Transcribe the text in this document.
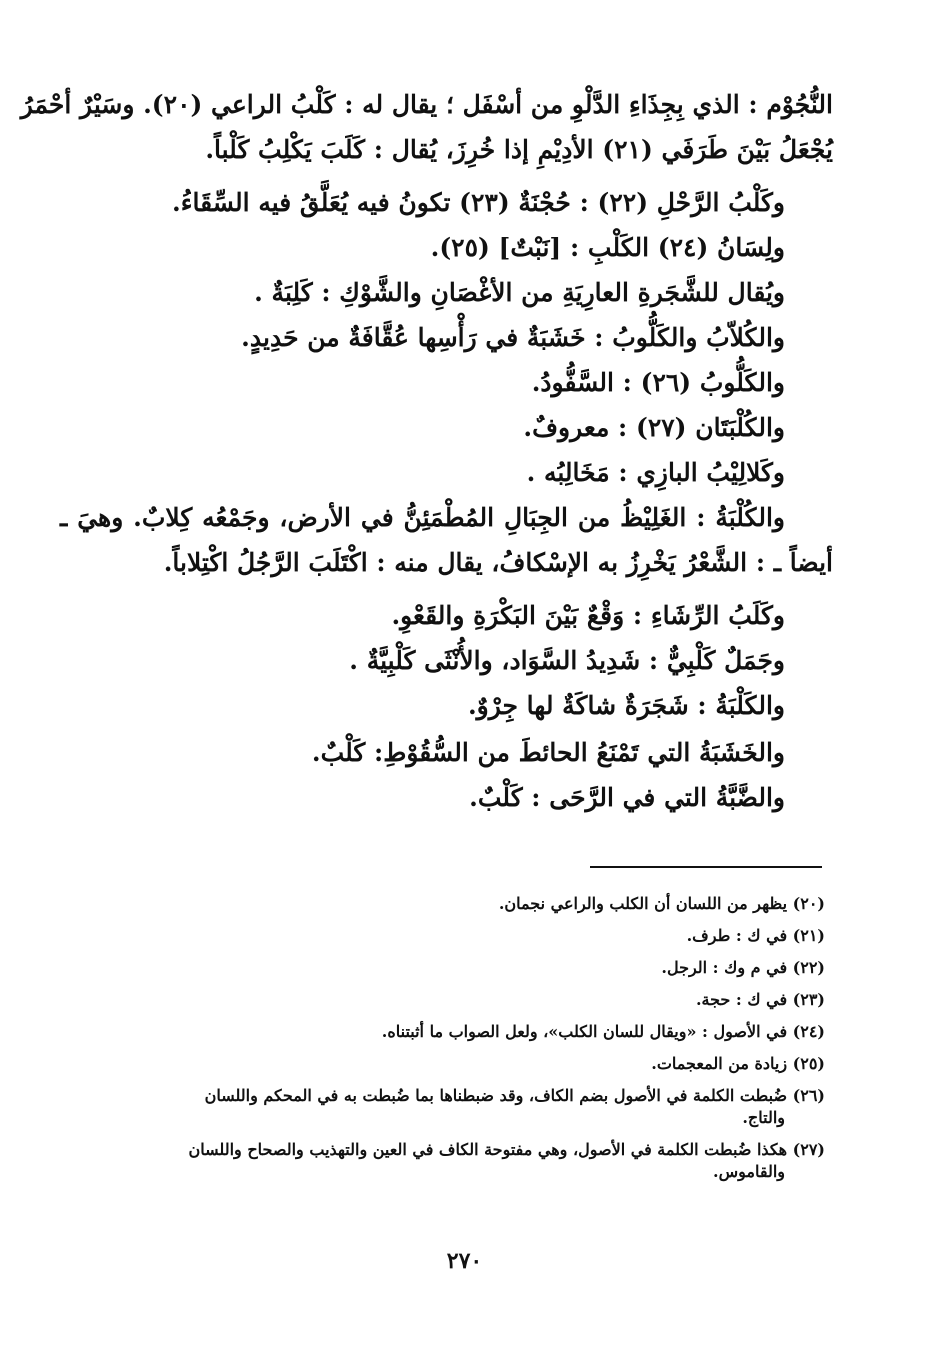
النُّجُوْم : الذي بِجِذَاءِ الدَّلْوِ من أسْفَل ؛ يقال له : كَلْبُ الراعي (٢٠). وسَيْرٌ أحْمَرُ
يُجْعَلُ بَيْنَ طَرَفَي (٢١) الأدِيْمِ إذا خُرِزَ، يُقال : كَلَبَ يَكْلِبُ كَلْباً.
وكَلْبُ الرَّحْلِ (٢٢) : حُجْنَةٌ (٢٣) تكونُ فيه يُعَلَّقُ فيه السِّقَاءُ.
ولِسَانُ (٢٤) الكَلْبِ : [نَبْتٌ] (٢٥).
ويُقال للشَّجَرةِ العارِيَةِ من الأغْصَانِ والشَّوْكِ : كَلِبَةٌ .
والكُلاّبُ والكَلُّوبُ : خَشَبَةٌ في رَأْسِها عُقَّافَةٌ من حَدِيدٍ.
والكَلُّوبُ (٢٦) : السَّفُّودُ.
والكُلْبَتَان (٢٧) : معروفٌ.
وكَلالِيْبُ البازِي : مَخَالِبُه .
والكُلْبَةُ : الغَلِيْظُ من الجِبَالِ المُطْمَئِنُّ في الأرض، وجَمْعُه كِلابٌ. وهيَ ـ
أيضاً ـ : الشَّعْرُ يَخْرِزُ به الإسْكافُ، يقال منه : اكْتَلَبَ الرَّجُلُ اكْتِلاباً.
وكَلَبُ الرِّشَاءِ : وَقْعٌ بَيْنَ البَكْرَةِ والقَعْوِ.
وجَمَلٌ كَلْبِيٌّ : شَدِيدُ السَّوَاد، والأُنْثَى كَلْبِيَّةٌ .
والكَلْبَةُ : شَجَرَةٌ شاكَةٌ لها جِرْوٌ.
والخَشَبَةُ التي تَمْنَعُ الحائطَ من السُّقُوْطِ: كَلْبٌ.
والضَّبَّةُ التي في الرَّحَى : كَلْبٌ.
(٢٠) يظهر من اللسان أن الكلب والراعي نجمان.
(٢١) في ك : طرف.
(٢٢) في م وك : الرجل.
(٢٣) في ك : حجة.
(٢٤) في الأصول : «ويقال للسان الكلب»، ولعل الصواب ما أثبتناه.
(٢٥) زيادة من المعجمات.
(٢٦) ضُبطت الكلمة في الأصول بضم الكاف، وقد ضبطناها بما ضُبطت به في المحكم واللسان
والتاج.
(٢٧) هكذا ضُبطت الكلمة في الأصول، وهي مفتوحة الكاف في العين والتهذيب والصحاح واللسان
والقاموس.
٢٧٠
